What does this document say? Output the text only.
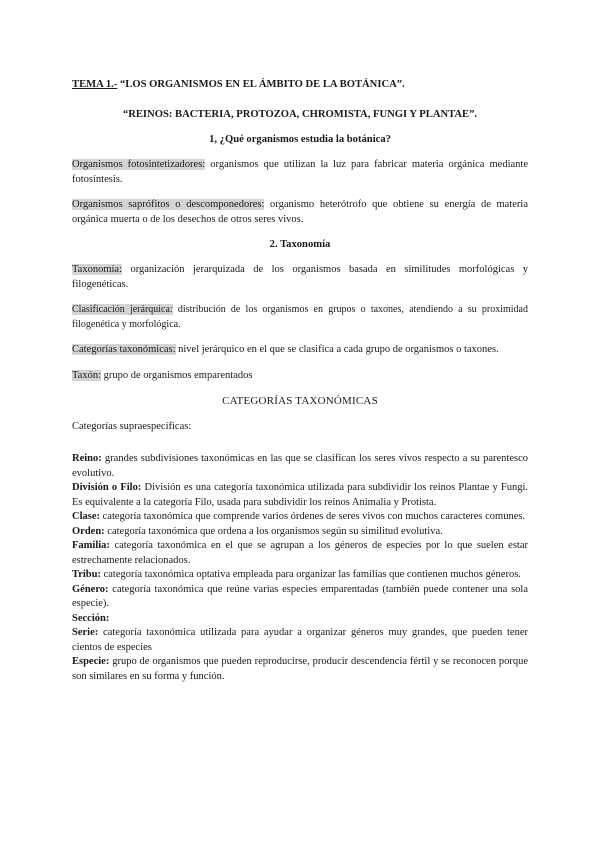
TEMA 1.- “LOS ORGANISMOS EN EL ÁMBITO DE LA BOTÁNICA”.

“REINOS: BACTERIA, PROTOZOA, CHROMISTA, FUNGI Y PLANTAE”.

1, ¿Qué organismos estudia la botánica?

Organismos fotosintetizadores: organismos que utilizan la luz para fabricar materia orgánica mediante fotosíntesis.

Organismos saprófitos o descomponedores: organismo heterótrofo que obtiene su energía de materia orgánica muerta o de los desechos de otros seres vivos.

2. Taxonomía

Taxonomía: organización jerarquizada de los organismos basada en similitudes morfológicas y filogenéticas.

Clasificación jerárquica: distribución de los organismos en grupos o taxones, atendiendo a su proximidad filogenética y morfológica.

Categorías taxonómicas: nivel jerárquico en el que se clasifica a cada grupo de organismos o taxones.

Taxón: grupo de organismos emparentados

CATEGORÍAS TAXONÓMICAS

Categorías supraespecíficas:

Reino: grandes subdivisiones taxonómicas en las que se clasifican los seres vivos respecto a su parentesco evolutivo.

División o Filo: División es una categoría taxonómica utilizada para subdividir los reinos Plantae y Fungi. Es equivalente a la categoría Filo, usada para subdividir los reinos Animalia y Protista.

Clase: categoría taxonómica que comprende varios órdenes de seres vivos con muchos caracteres comunes.

Orden: categoría taxonómica que ordena a los organismos según su similitud evolutiva.

Familia: categoría taxonómica en el que se agrupan a los géneros de especies por lo que suelen estar estrechamente relacionados.

Tribu: categoría taxonómica optativa empleada para organizar las familias que contienen muchos géneros.

Género: categoría taxonómica que reúne varias especies emparentadas (también puede contener una sola especie).

Sección:

Serie: categoría taxonómica utilizada para ayudar a organizar géneros muy grandes, que pueden tener cientos de especies

Especie: grupo de organismos que pueden reproducirse, producir descendencia fértil y se reconocen porque son similares en su forma y función.
